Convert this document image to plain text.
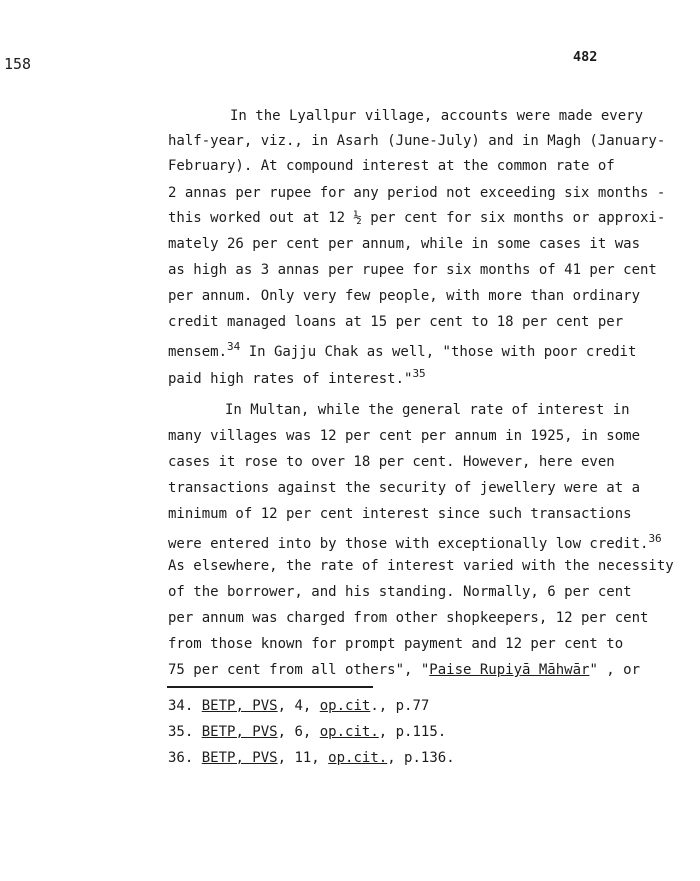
158	482
In the Lyallpur village, accounts were made every
half-year, viz., in Asarh (June-July) and in Magh (January-
February). At compound interest at the common rate of
2 annas per rupee for any period not exceeding six months -
this worked out at 12 ½ per cent for six months or approxi-
mately 26 per cent per annum, while in some cases it was
as high as 3 annas per rupee for six months of 41 per cent
per annum. Only very few people, with more than ordinary
credit managed loans at 15 per cent to 18 per cent per
mensem.$^{34}$ In Gajju Chak as well, "those with poor credit
paid high rates of interest."$^{35}$
In Multan, while the general rate of interest in
many villages was 12 per cent per annum in 1925, in some
cases it rose to over 18 per cent. However, here even
transactions against the security of jewellery were at a
minimum of 12 per cent interest since such transactions
were entered into by those with exceptionally low credit.$^{36}$
As elsewhere, the rate of interest varied with the necessity
of the borrower, and his standing. Normally, 6 per cent
per annum was charged from other shopkeepers, 12 per cent
from those known for prompt payment and 12 per cent to
75 per cent from all others", "Paise Rupiyā Māhwār" , or
34. BETP, PVS, 4, op.cit., p.77
35. BETP, PVS, 6, op.cit., p.115.
36. BETP, PVS, 11, op.cit., p.136.
